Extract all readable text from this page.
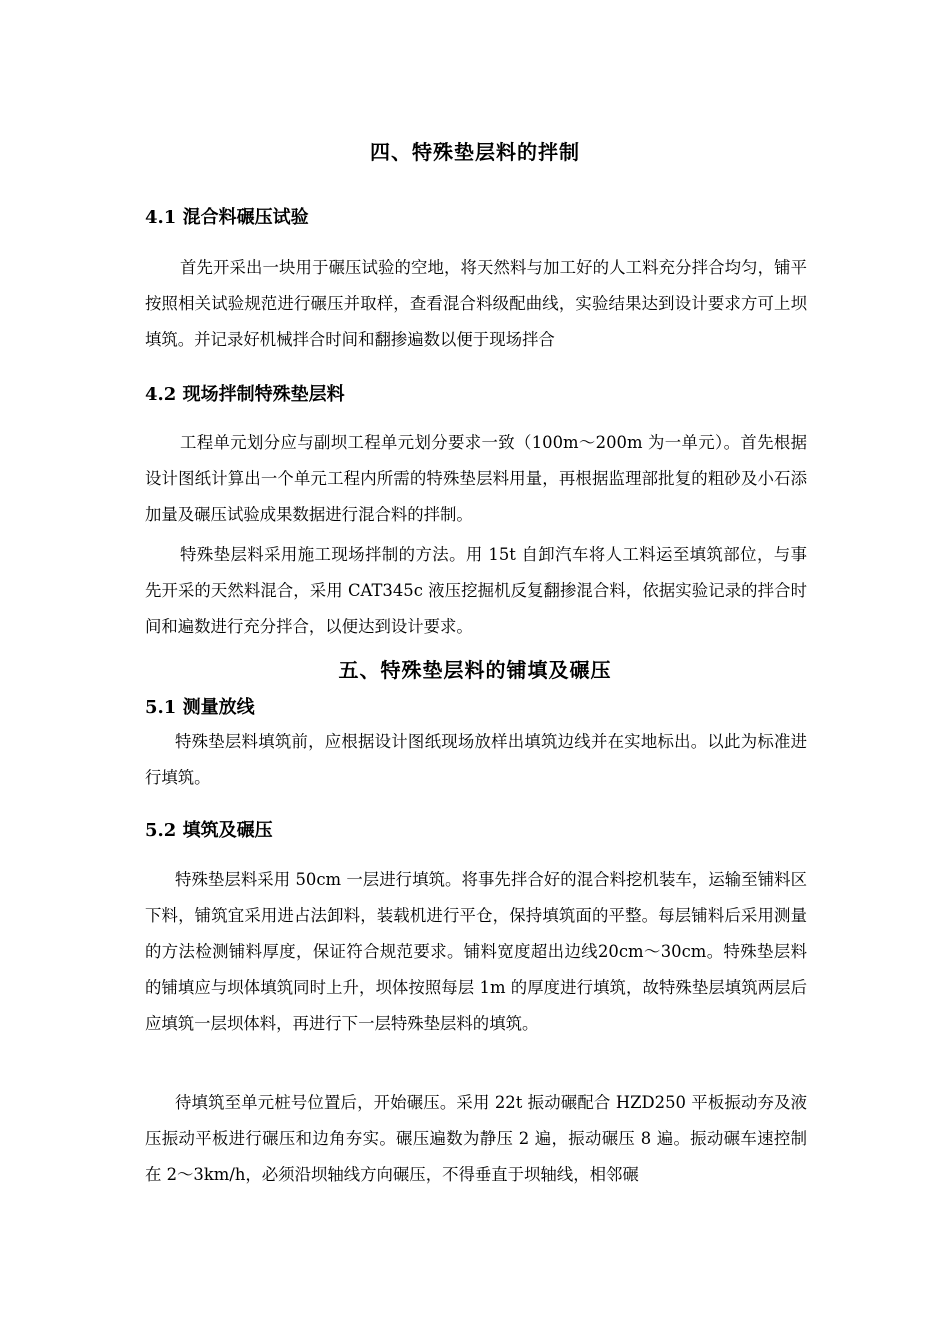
四、特殊垫层料的拌制
4.1 混合料碾压试验
首先开采出一块用于碾压试验的空地，将天然料与加工好的人工料充分拌合均匀，铺平按照相关试验规范进行碾压并取样，查看混合料级配曲线，实验结果达到设计要求方可上坝填筑。并记录好机械拌合时间和翻掺遍数以便于现场拌合
4.2 现场拌制特殊垫层料
工程单元划分应与副坝工程单元划分要求一致（100m～200m 为一单元）。首先根据设计图纸计算出一个单元工程内所需的特殊垫层料用量，再根据监理部批复的粗砂及小石添加量及碾压试验成果数据进行混合料的拌制。
特殊垫层料采用施工现场拌制的方法。用 15t 自卸汽车将人工料运至填筑部位，与事先开采的天然料混合，采用 CAT345c 液压挖掘机反复翻掺混合料，依据实验记录的拌合时间和遍数进行充分拌合，以便达到设计要求。
五、特殊垫层料的铺填及碾压
5.1 测量放线
特殊垫层料填筑前，应根据设计图纸现场放样出填筑边线并在实地标出。以此为标准进行填筑。
5.2 填筑及碾压
特殊垫层料采用 50cm 一层进行填筑。将事先拌合好的混合料挖机装车，运输至铺料区下料，铺筑宜采用进占法卸料，装载机进行平仓，保持填筑面的平整。每层铺料后采用测量的方法检测铺料厚度，保证符合规范要求。铺料宽度超出边线20cm～30cm。特殊垫层料的铺填应与坝体填筑同时上升，坝体按照每层 1m 的厚度进行填筑，故特殊垫层填筑两层后应填筑一层坝体料，再进行下一层特殊垫层料的填筑。
待填筑至单元桩号位置后，开始碾压。采用 22t 振动碾配合 HZD250 平板振动夯及液压振动平板进行碾压和边角夯实。碾压遍数为静压 2 遍，振动碾压 8 遍。振动碾车速控制在 2～3km/h，必须沿坝轴线方向碾压，不得垂直于坝轴线，相邻碾
